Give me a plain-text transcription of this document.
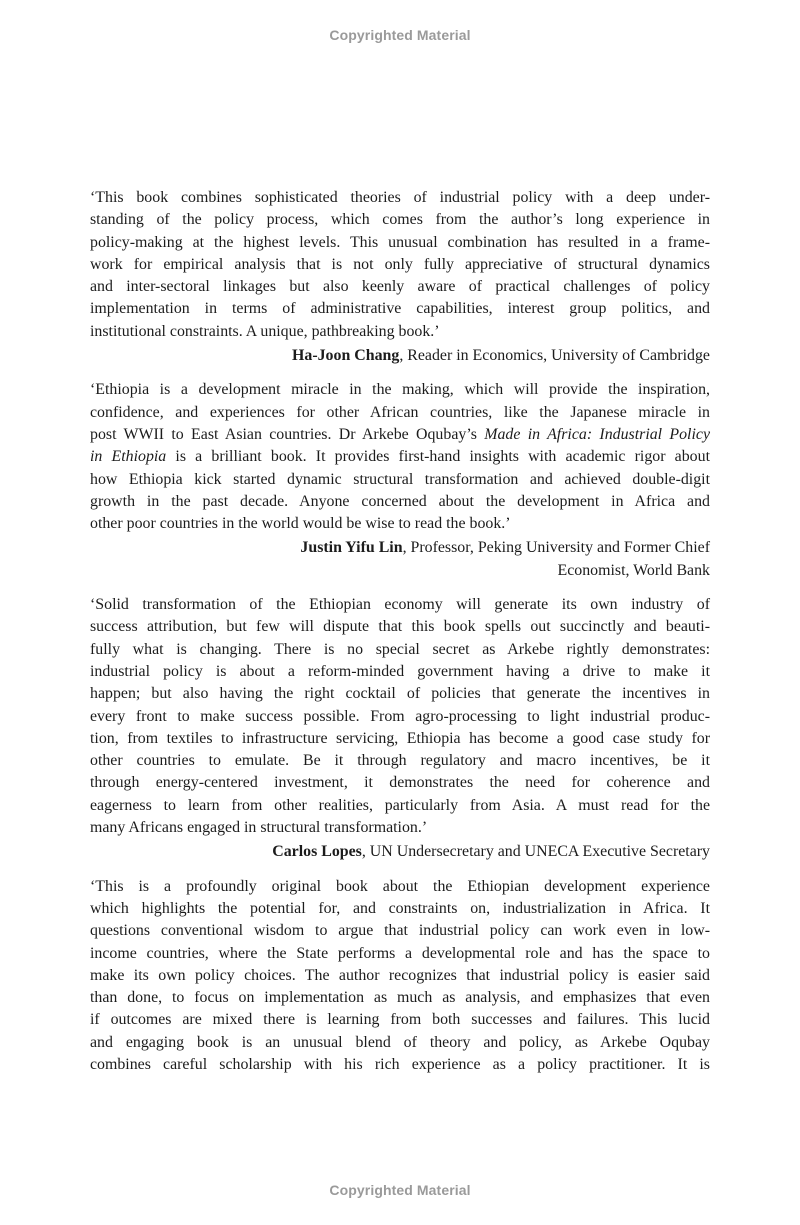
Copyrighted Material
‘This book combines sophisticated theories of industrial policy with a deep under-
standing of the policy process, which comes from the author’s long experience in
policy-making at the highest levels. This unusual combination has resulted in a frame-
work for empirical analysis that is not only fully appreciative of structural dynamics
and inter-sectoral linkages but also keenly aware of practical challenges of policy
implementation in terms of administrative capabilities, interest group politics, and
institutional constraints. A unique, pathbreaking book.’
Ha-Joon Chang, Reader in Economics, University of Cambridge
‘Ethiopia is a development miracle in the making, which will provide the inspiration,
confidence, and experiences for other African countries, like the Japanese miracle in
post WWII to East Asian countries. Dr Arkebe Oqubay’s Made in Africa: Industrial Policy
in Ethiopia is a brilliant book. It provides first-hand insights with academic rigor about
how Ethiopia kick started dynamic structural transformation and achieved double-digit
growth in the past decade. Anyone concerned about the development in Africa and
other poor countries in the world would be wise to read the book.’
Justin Yifu Lin, Professor, Peking University and Former Chief
Economist, World Bank
‘Solid transformation of the Ethiopian economy will generate its own industry of
success attribution, but few will dispute that this book spells out succinctly and beauti-
fully what is changing. There is no special secret as Arkebe rightly demonstrates:
industrial policy is about a reform-minded government having a drive to make it
happen; but also having the right cocktail of policies that generate the incentives in
every front to make success possible. From agro-processing to light industrial produc-
tion, from textiles to infrastructure servicing, Ethiopia has become a good case study for
other countries to emulate. Be it through regulatory and macro incentives, be it
through energy-centered investment, it demonstrates the need for coherence and
eagerness to learn from other realities, particularly from Asia. A must read for the
many Africans engaged in structural transformation.’
Carlos Lopes, UN Undersecretary and UNECA Executive Secretary
‘This is a profoundly original book about the Ethiopian development experience
which highlights the potential for, and constraints on, industrialization in Africa. It
questions conventional wisdom to argue that industrial policy can work even in low-
income countries, where the State performs a developmental role and has the space to
make its own policy choices. The author recognizes that industrial policy is easier said
than done, to focus on implementation as much as analysis, and emphasizes that even
if outcomes are mixed there is learning from both successes and failures. This lucid
and engaging book is an unusual blend of theory and policy, as Arkebe Oqubay
combines careful scholarship with his rich experience as a policy practitioner. It is
Copyrighted Material
